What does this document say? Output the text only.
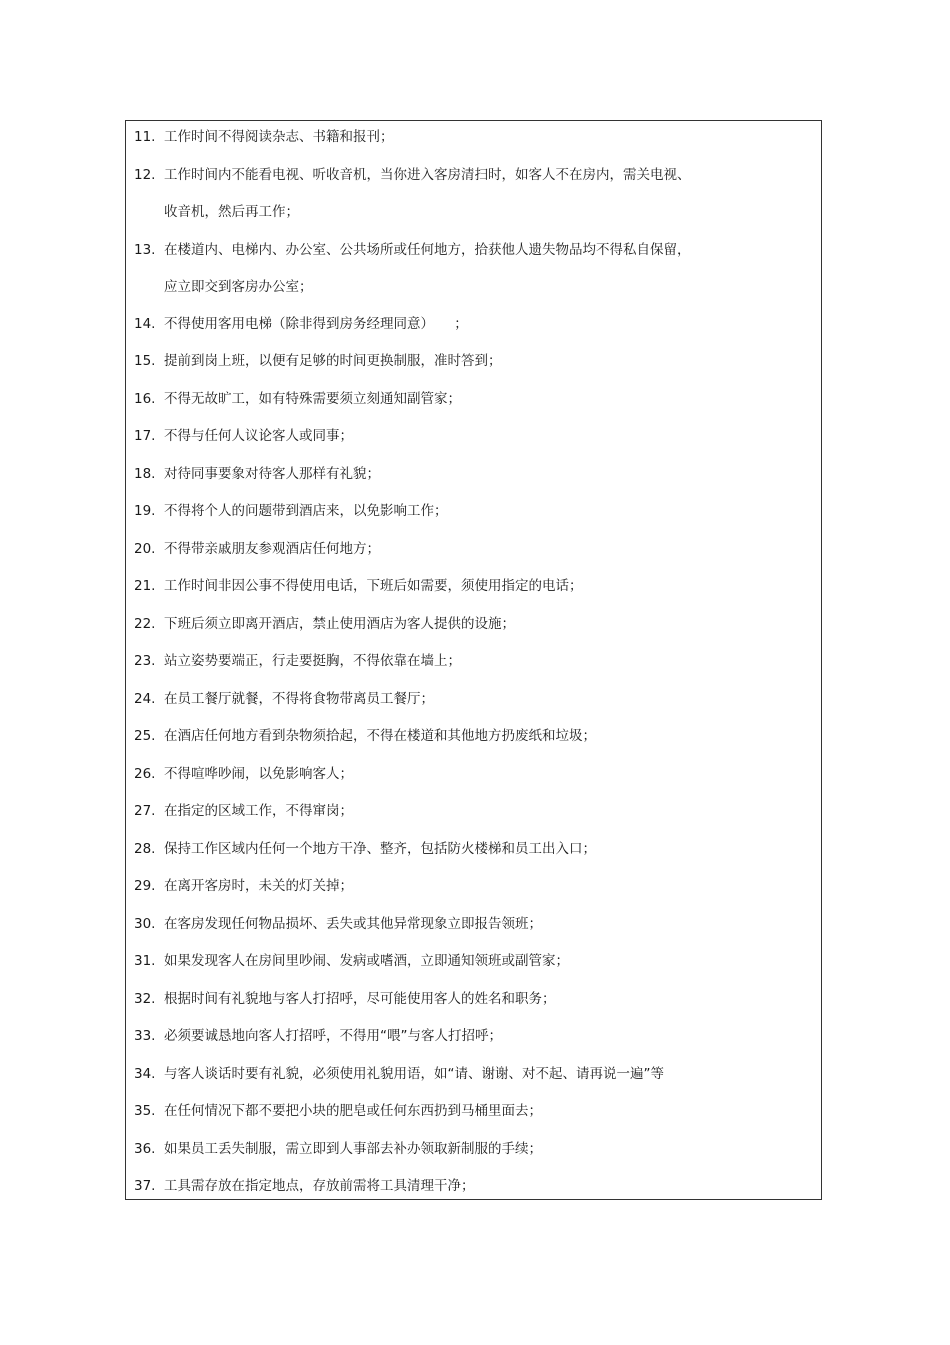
11. 工作时间不得阅读杂志、书籍和报刊；
12. 工作时间内不能看电视、听收音机，当你进入客房清扫时，如客人不在房内，需关电视、
收音机，然后再工作；
13. 在楼道内、电梯内、办公室、公共场所或任何地方，拾获他人遗失物品均不得私自保留，
应立即交到客房办公室；
14. 不得使用客用电梯（除非得到房务经理同意）　　；
15. 提前到岗上班，以便有足够的时间更换制服，准时答到；
16. 不得无故旷工，如有特殊需要须立刻通知副管家；
17. 不得与任何人议论客人或同事；
18. 对待同事要象对待客人那样有礼貌；
19. 不得将个人的问题带到酒店来，以免影响工作；
20. 不得带亲戚朋友参观酒店任何地方；
21. 工作时间非因公事不得使用电话，下班后如需要，须使用指定的电话；
22. 下班后须立即离开酒店，禁止使用酒店为客人提供的设施；
23. 站立姿势要端正，行走要挺胸，不得依靠在墙上；
24. 在员工餐厅就餐，不得将食物带离员工餐厅；
25. 在酒店任何地方看到杂物须拾起，不得在楼道和其他地方扔废纸和垃圾；
26. 不得喧哗吵闹，以免影响客人；
27. 在指定的区域工作，不得窜岗；
28. 保持工作区域内任何一个地方干净、整齐，包括防火楼梯和员工出入口；
29. 在离开客房时，未关的灯关掉；
30. 在客房发现任何物品损坏、丢失或其他异常现象立即报告领班；
31. 如果发现客人在房间里吵闹、发病或嗜酒，立即通知领班或副管家；
32. 根据时间有礼貌地与客人打招呼，尽可能使用客人的姓名和职务；
33. 必须要诚恳地向客人打招呼，不得用“喂”与客人打招呼；
34. 与客人谈话时要有礼貌，必须使用礼貌用语，如“请、谢谢、对不起、请再说一遍”等
35. 在任何情况下都不要把小块的肥皂或任何东西扔到马桶里面去；
36. 如果员工丢失制服，需立即到人事部去补办领取新制服的手续；
37. 工具需存放在指定地点，存放前需将工具清理干净；
